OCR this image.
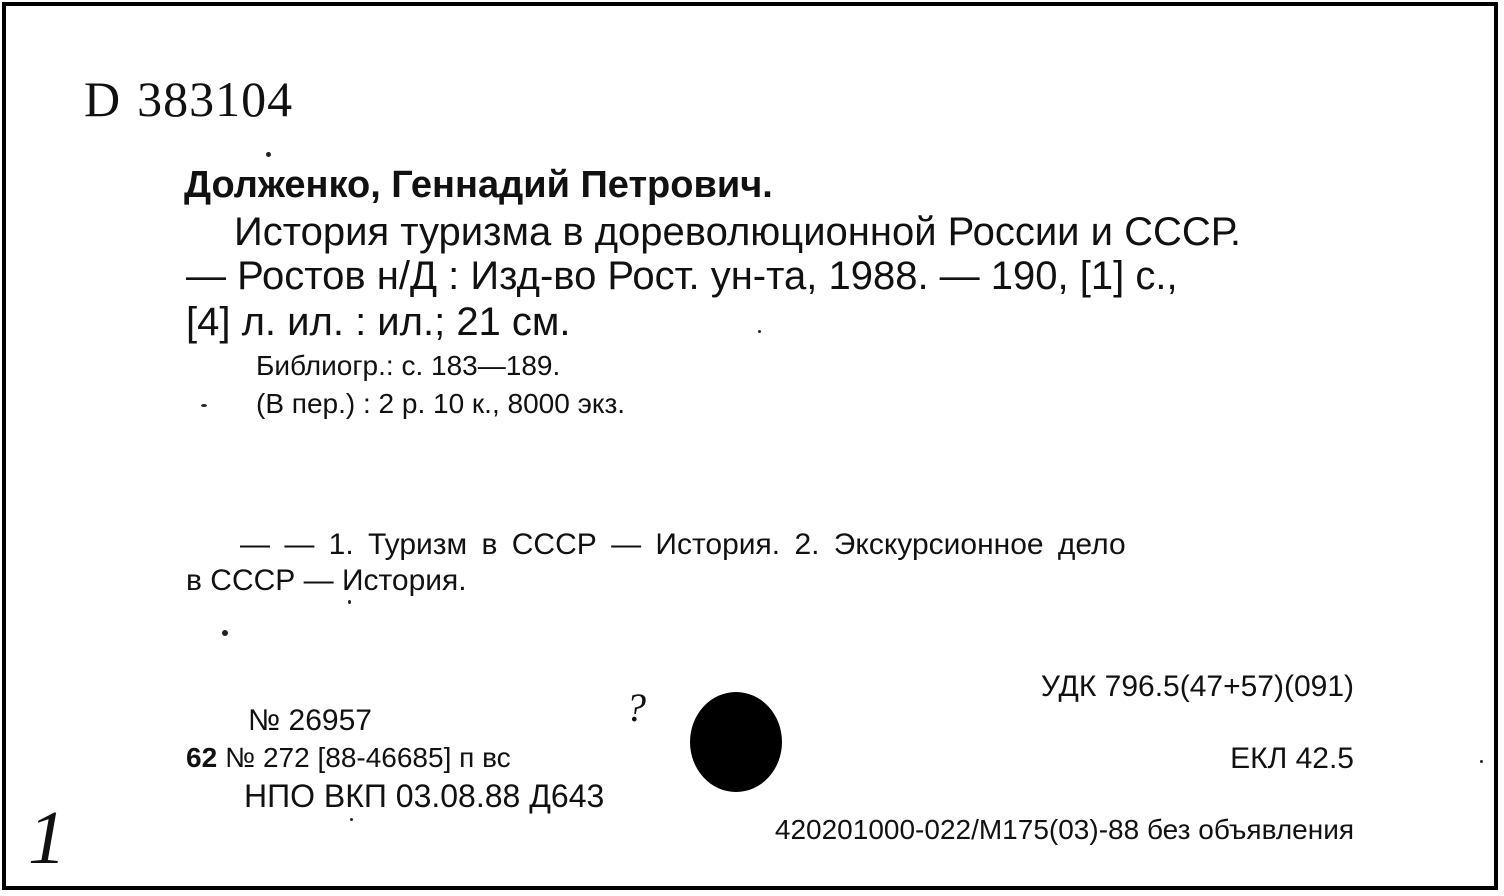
D 383104
Долженко, Геннадий Петрович.
История туризма в дореволюционной России и СССР.
— Ростов н/Д : Изд-во Рост. ун-та, 1988. — 190, [1] с.,
[4] л. ил. : ил.; 21 см.
Библиогр.: с. 183—189.
(В пер.) : 2 р. 10 к., 8000 экз.
— — 1. Туризм в СССР — История. 2. Экскурсионное дело
в СССР — История.
УДК 796.5(47+57)(091)
№ 26957
62 № 272 [88-46685] п вс	ЕКЛ 42.5
НПО ВКП 03.08.88 Д643
420201000-022/М175(03)-88 без объявления
?
1
